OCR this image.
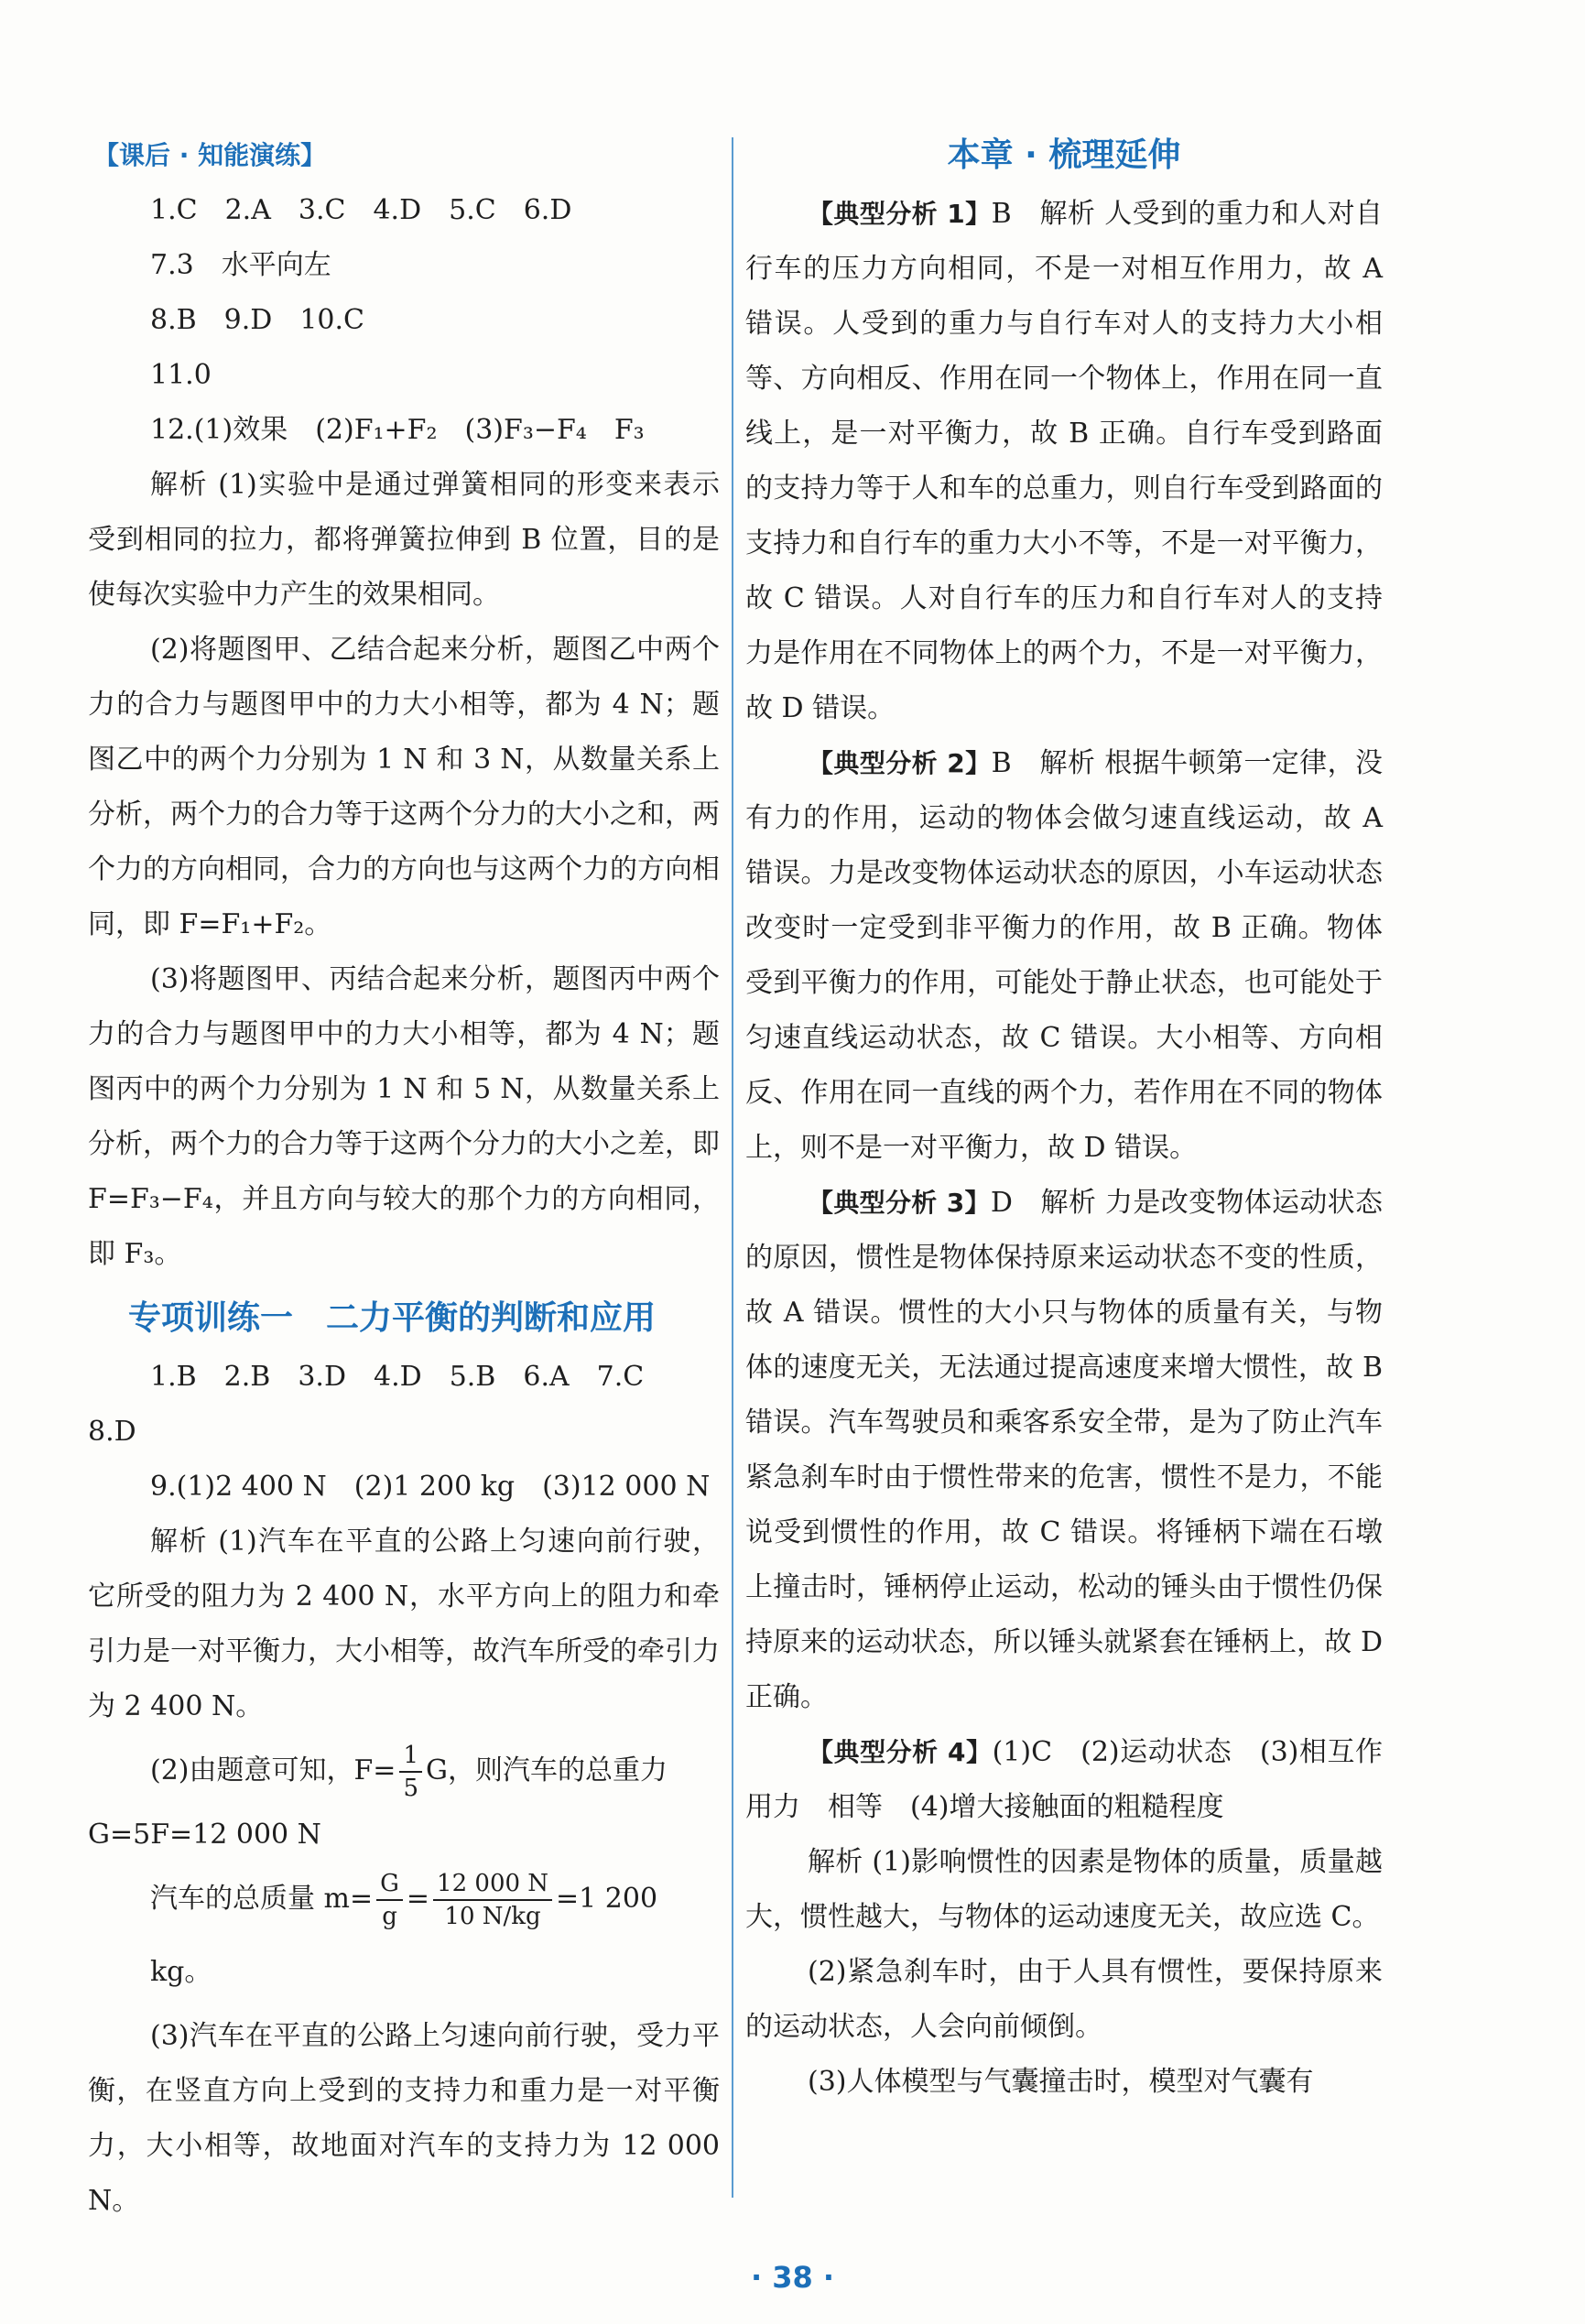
【课后 · 知能演练】

1.C　2.A　3.C　4.D　5.C　6.D

7.3　水平向左

8.B　9.D　10.C

11.0

12.(1)效果　(2)F₁+F₂　(3)F₃−F₄　F₃

解析 (1)实验中是通过弹簧相同的形变来表示受到相同的拉力，都将弹簧拉伸到 B 位置，目的是使每次实验中力产生的效果相同。

(2)将题图甲、乙结合起来分析，题图乙中两个力的合力与题图甲中的力大小相等，都为 4 N；题图乙中的两个力分别为 1 N 和 3 N，从数量关系上分析，两个力的合力等于这两个分力的大小之和，两个力的方向相同，合力的方向也与这两个力的方向相同，即 F=F₁+F₂。

(3)将题图甲、丙结合起来分析，题图丙中两个力的合力与题图甲中的力大小相等，都为 4 N；题图丙中的两个力分别为 1 N 和 5 N，从数量关系上分析，两个力的合力等于这两个分力的大小之差，即 F=F₃−F₄，并且方向与较大的那个力的方向相同，即 F₃。

专项训练一　二力平衡的判断和应用

1.B　2.B　3.D　4.D　5.B　6.A　7.C

8.D

9.(1)2 400 N　(2)1 200 kg　(3)12 000 N

解析 (1)汽车在平直的公路上匀速向前行驶，它所受的阻力为 2 400 N，水平方向上的阻力和牵引力是一对平衡力，大小相等，故汽车所受的牵引力为 2 400 N。

(2)由题意可知，$F= \frac{1}{5}$ G，则汽车的总重力

G=5F=12 000 N

汽车的总质量 $m= \frac{G}{g} = \frac{12 000 N}{10 N/kg} =1$ 200 kg。

(3)汽车在平直的公路上匀速向前行驶，受力平衡，在竖直方向上受到的支持力和重力是一对平衡力，大小相等，故地面对汽车的支持力为 12 000 N。

本章 · 梳理延伸

【典型分析 1】B　解析 人受到的重力和人对自行车的压力方向相同，不是一对相互作用力，故 A 错误。人受到的重力与自行车对人的支持力大小相等、方向相反、作用在同一个物体上，作用在同一直线上，是一对平衡力，故 B 正确。自行车受到路面的支持力等于人和车的总重力，则自行车受到路面的支持力和自行车的重力大小不等，不是一对平衡力，故 C 错误。人对自行车的压力和自行车对人的支持力是作用在不同物体上的两个力，不是一对平衡力，故 D 错误。

【典型分析 2】B　解析 根据牛顿第一定律，没有力的作用，运动的物体会做匀速直线运动，故 A 错误。力是改变物体运动状态的原因，小车运动状态改变时一定受到非平衡力的作用，故 B 正确。物体受到平衡力的作用，可能处于静止状态，也可能处于匀速直线运动状态，故 C 错误。大小相等、方向相反、作用在同一直线的两个力，若作用在不同的物体上，则不是一对平衡力，故 D 错误。

【典型分析 3】D　解析 力是改变物体运动状态的原因，惯性是物体保持原来运动状态不变的性质，故 A 错误。惯性的大小只与物体的质量有关，与物体的速度无关，无法通过提高速度来增大惯性，故 B 错误。汽车驾驶员和乘客系安全带，是为了防止汽车紧急刹车时由于惯性带来的危害，惯性不是力，不能说受到惯性的作用，故 C 错误。将锤柄下端在石墩上撞击时，锤柄停止运动，松动的锤头由于惯性仍保持原来的运动状态，所以锤头就紧套在锤柄上，故 D 正确。

【典型分析 4】(1)C　(2)运动状态　(3)相互作用力　相等　(4)增大接触面的粗糙程度

解析 (1)影响惯性的因素是物体的质量，质量越大，惯性越大，与物体的运动速度无关，故应选 C。

(2)紧急刹车时，由于人具有惯性，要保持原来的运动状态，人会向前倾倒。

(3)人体模型与气囊撞击时，模型对气囊有

· 38 ·
